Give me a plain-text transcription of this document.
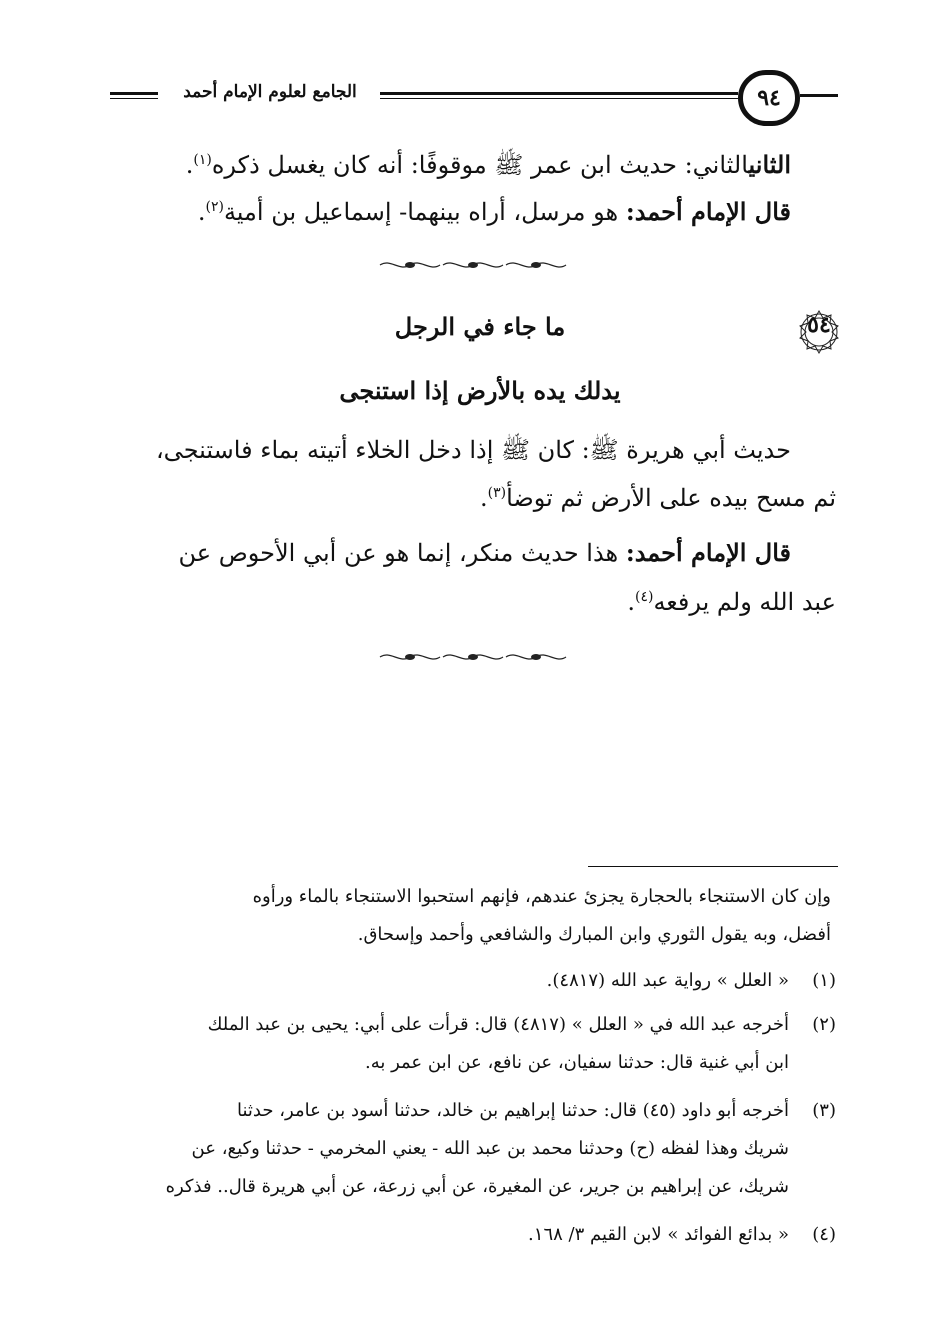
الجامع لعلوم الإمام أحمد	٩٤
الثانيالثاني: حديث ابن عمر ﷺ موقوفًا: أنه كان يغسل ذكره$^{(١)}$.
قال الإمام أحمد: هو مرسل، أراه بينهما- إسماعيل بن أمية$^{(٢)}$.
٥٤
ما جاء في الرجل
يدلك يده بالأرض إذا استنجى
حديث أبي هريرة ﷺ: كان ﷺ إذا دخل الخلاء أتيته بماء فاستنجى،
ثم مسح بيده على الأرض ثم توضأ$^{(٣)}$.
قال الإمام أحمد: هذا حديث منكر، إنما هو عن أبي الأحوص عن
عبد الله ولم يرفعه$^{(٤)}$.
وإن كان الاستنجاء بالحجارة يجزئ عندهم، فإنهم استحبوا الاستنجاء بالماء ورأوه
أفضل، وبه يقول الثوري وابن المبارك والشافعي وأحمد وإسحاق.
(١)
« العلل » رواية عبد الله (٤٨١٧).
(٢)
أخرجه عبد الله في « العلل » (٤٨١٧) قال: قرأت على أبي: يحيى بن عبد الملك
ابن أبي غنية قال: حدثنا سفيان، عن نافع، عن ابن عمر به.
(٣)
أخرجه أبو داود (٤٥) قال: حدثنا إبراهيم بن خالد، حدثنا أسود بن عامر، حدثنا
شريك وهذا لفظه (ح) وحدثنا محمد بن عبد الله - يعني المخرمي - حدثنا وكيع، عن
شريك، عن إبراهيم بن جرير، عن المغيرة، عن أبي زرعة، عن أبي هريرة قال.. فذكره
(٤)
« بدائع الفوائد » لابن القيم ٣/ ١٦٨.
